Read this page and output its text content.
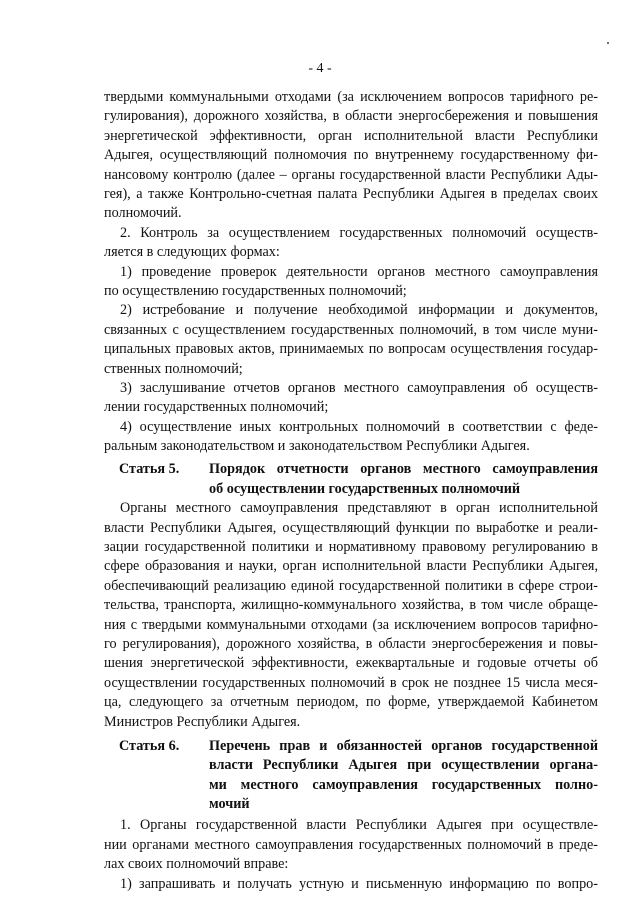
- 4 -
твердыми коммунальными отходами (за исключением вопросов тарифного ре-
гулирования), дорожного хозяйства, в области энергосбережения и повышения
энергетической эффективности, орган исполнительной власти Республики
Адыгея, осуществляющий полномочия по внутреннему государственному фи-
нансовому контролю (далее – органы государственной власти Республики Ады-
гея), а также Контрольно-счетная палата Республики Адыгея в пределах своих
полномочий.
2. Контроль за осуществлением государственных полномочий осуществ-
ляется в следующих формах:
1) проведение проверок деятельности органов местного самоуправления
по осуществлению государственных полномочий;
2) истребование и получение необходимой информации и документов,
связанных с осуществлением государственных полномочий, в том числе муни-
ципальных правовых актов, принимаемых по вопросам осуществления государ-
ственных полномочий;
3) заслушивание отчетов органов местного самоуправления об осуществ-
лении государственных полномочий;
4) осуществление иных контрольных полномочий в соответствии с феде-
ральным законодательством и законодательством Республики Адыгея.
Статья 5. Порядок отчетности органов местного самоуправления
об осуществлении государственных полномочий
Органы местного самоуправления представляют в орган исполнительной
власти Республики Адыгея, осуществляющий функции по выработке и реали-
зации государственной политики и нормативному правовому регулированию в
сфере образования и науки, орган исполнительной власти Республики Адыгея,
обеспечивающий реализацию единой государственной политики в сфере строи-
тельства, транспорта, жилищно-коммунального хозяйства, в том числе обраще-
ния с твердыми коммунальными отходами (за исключением вопросов тарифно-
го регулирования), дорожного хозяйства, в области энергосбережения и повы-
шения энергетической эффективности, ежеквартальные и годовые отчеты об
осуществлении государственных полномочий в срок не позднее 15 числа меся-
ца, следующего за отчетным периодом, по форме, утверждаемой Кабинетом
Министров Республики Адыгея.
Статья 6. Перечень прав и обязанностей органов государственной
власти Республики Адыгея при осуществлении органа-
ми местного самоуправления государственных полно-
мочий
1. Органы государственной власти Республики Адыгея при осуществле-
нии органами местного самоуправления государственных полномочий в преде-
лах своих полномочий вправе:
1) запрашивать и получать устную и письменную информацию по вопро-
